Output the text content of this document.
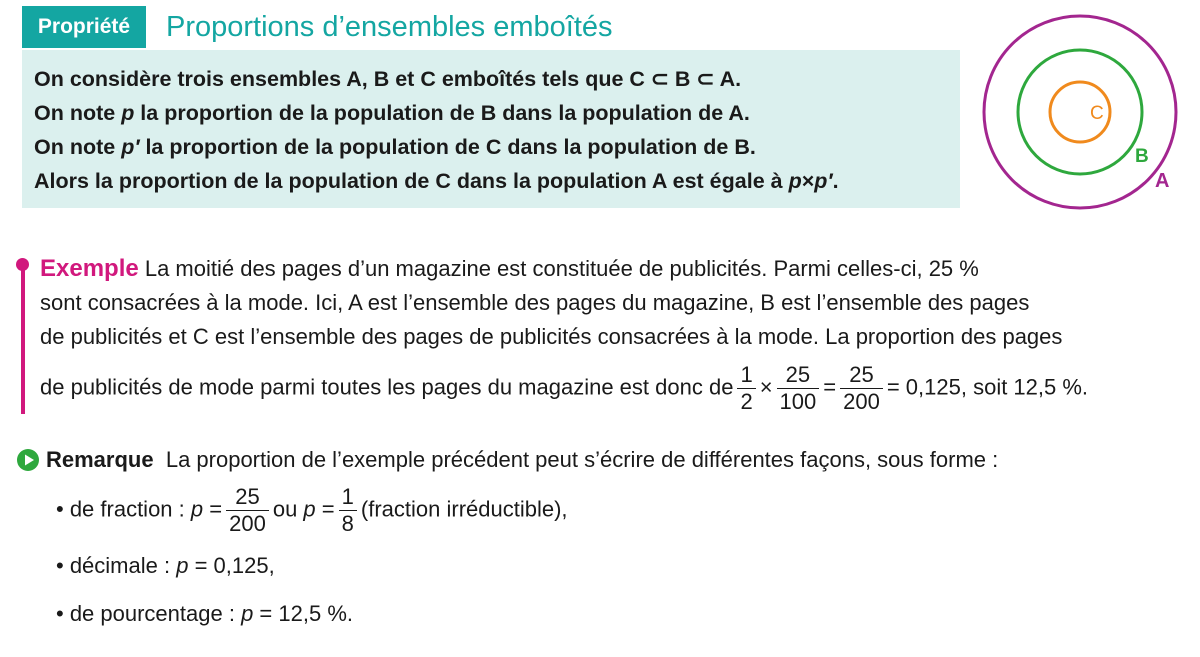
Propriété	Proportions d’ensembles emboîtés
On considère trois ensembles A, B et C emboîtés tels que C ⊂ B ⊂ A.
On note p la proportion de la population de B dans la population de A.
On note p′ la proportion de la population de C dans la population de B.
Alors la proportion de la population de C dans la population A est égale à p×p′.
C
B
A
Exemple La moitié des pages d’un magazine est constituée de publicités. Parmi celles-ci, 25 %
sont consacrées à la mode. Ici, A est l’ensemble des pages du magazine, B est l’ensemble des pages
de publicités et C est l’ensemble des pages de publicités consacrées à la mode. La proportion des pages
de publicités de mode parmi toutes les pages du magazine est donc de $\frac{1}{2} \times \frac{25}{100} = \frac{25}{200} = 0,125$, soit 12,5 %.
Remarque La proportion de l’exemple précédent peut s’écrire de différentes façons, sous forme :
• de fraction : $p = \frac{25}{200}$ ou $p = \frac{1}{8}$ (fraction irréductible),
• décimale : p = 0,125,
• de pourcentage : p = 12,5 %.
